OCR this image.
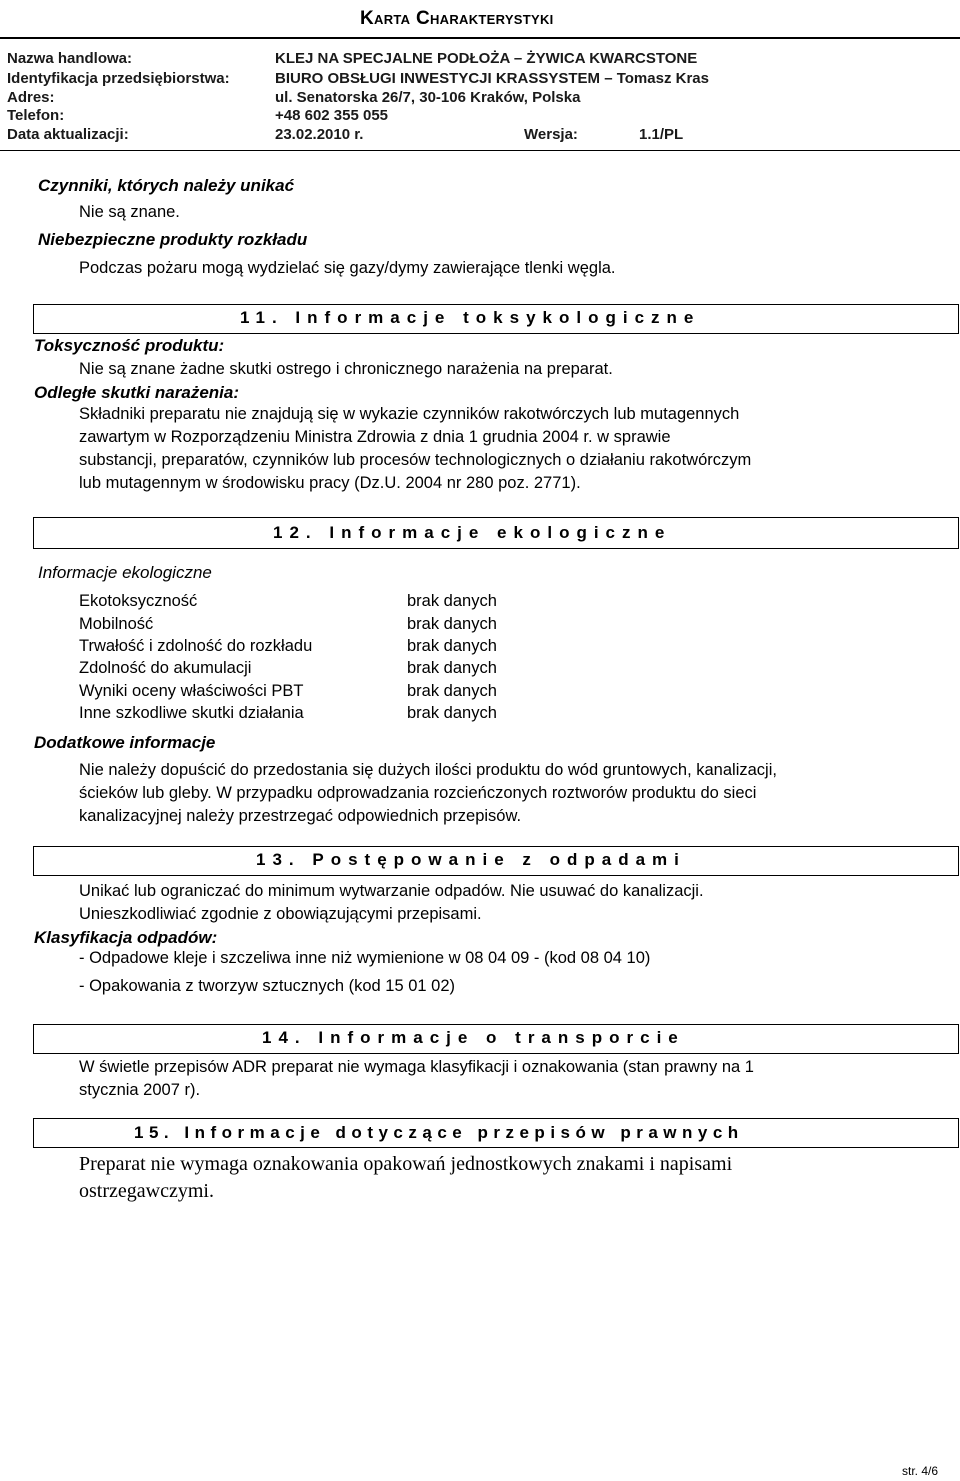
Karta Charakterystyki
Nazwa handlowa:	KLEJ NA SPECJALNE PODŁOŻA – ŻYWICA KWARCSTONE
Identyfikacja przedsiębiorstwa:	BIURO OBSŁUGI INWESTYCJI KRASSYSTEM – Tomasz Kras
Adres:	ul. Senatorska 26/7, 30-106 Kraków, Polska
Telefon:	+48 602 355 055
Data aktualizacji:	23.02.2010 r.	Wersja:	1.1/PL
Czynniki, których należy unikać
Nie są znane.
Niebezpieczne produkty rozkładu
Podczas pożaru mogą wydzielać się gazy/dymy zawierające tlenki węgla.
11. Informacje toksykologiczne
Toksyczność produktu:
Nie są znane żadne skutki ostrego i chronicznego narażenia na preparat.
Odległe skutki narażenia:
Składniki preparatu nie znajdują się w wykazie czynników rakotwórczych lub mutagennych
zawartym w Rozporządzeniu Ministra Zdrowia z dnia 1 grudnia 2004 r. w sprawie
substancji, preparatów, czynników lub procesów technologicznych o działaniu rakotwórczym
lub mutagennym w środowisku pracy (Dz.U. 2004 nr 280 poz. 2771).
12. Informacje ekologiczne
Informacje ekologiczne
Ekotoksyczność	brak danych
Mobilność	brak danych
Trwałość i zdolność do rozkładu	brak danych
Zdolność do akumulacji	brak danych
Wyniki oceny właściwości PBT	brak danych
Inne szkodliwe skutki działania	brak danych
Dodatkowe informacje
Nie należy dopuścić do przedostania się dużych ilości produktu do wód gruntowych, kanalizacji,
ścieków lub gleby. W przypadku odprowadzania rozcieńczonych roztworów produktu do sieci
kanalizacyjnej należy przestrzegać odpowiednich przepisów.
13. Postępowanie z odpadami
Unikać lub ograniczać do minimum wytwarzanie odpadów. Nie usuwać do kanalizacji.
Unieszkodliwiać zgodnie z obowiązującymi przepisami.
Klasyfikacja odpadów:
- Odpadowe kleje i szczeliwa inne niż wymienione w 08 04 09 - (kod 08 04 10)
- Opakowania z tworzyw sztucznych (kod 15 01 02)
14. Informacje o transporcie
W świetle przepisów ADR preparat nie wymaga klasyfikacji i oznakowania (stan prawny na 1
stycznia 2007 r).
15. Informacje dotyczące przepisów prawnych
Preparat nie wymaga oznakowania opakowań jednostkowych znakami i napisami
ostrzegawczymi.
str. 4/6
